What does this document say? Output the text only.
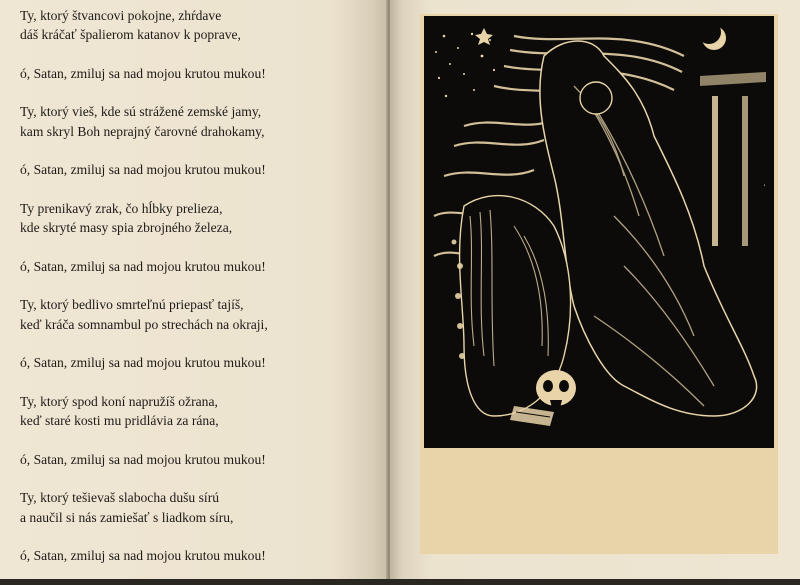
Ty, ktorý štvancovi pokojne, zhŕdave
dáš kráčať špalierom katanov k poprave,
ó, Satan, zmiluj sa nad mojou krutou mukou!
Ty, ktorý vieš, kde sú strážené zemské jamy,
kam skryl Boh neprajný čarovné drahokamy,
ó, Satan, zmiluj sa nad mojou krutou mukou!
Ty prenikavý zrak, čo hĺbky prelieza,
kde skryté masy spia zbrojného železa,
ó, Satan, zmiluj sa nad mojou krutou mukou!
Ty, ktorý bedlivo smrteľnú priepasť tajíš,
keď kráča somnambul po strechách na okraji,
ó, Satan, zmiluj sa nad mojou krutou mukou!
Ty, ktorý spod koní napružíš ožrana,
keď staré kosti mu pridlávia za rána,
ó, Satan, zmiluj sa nad mojou krutou mukou!
Ty, ktorý tešievaš slabocha dušu sírú
a naučil si nás zamiešať s liadkom síru,
ó, Satan, zmiluj sa nad mojou krutou mukou!
